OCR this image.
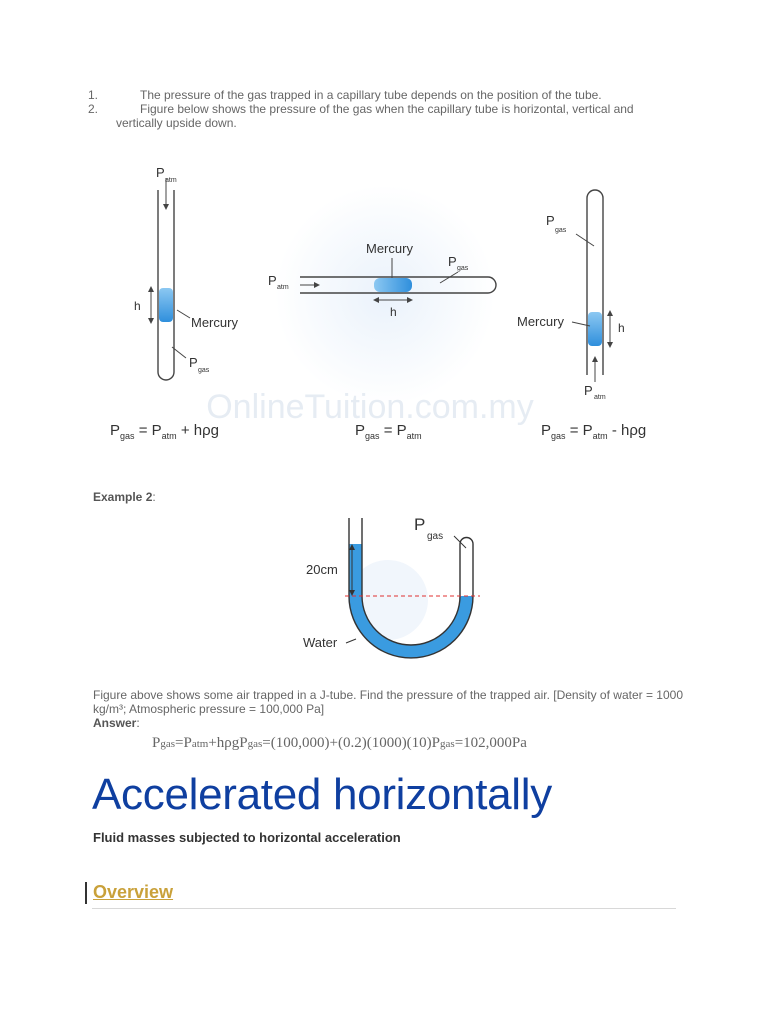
1.	The pressure of the gas trapped in a capillary tube depends on the position of the tube.
2.	Figure below shows the pressure of the gas when the capillary tube is horizontal, vertical and
vertically upside down.
OnlineTuition.com.my
P
atm
h
Mercury
P
gas
$P_{gas} = P_{atm} + h\rho g$
P atm
Mercury
P gas
h
$P_{gas} = P_{atm}$
P
gas
Mercury	h
P atm
$P_{gas} = P_{atm} - h\rho g$
Example 2:
20cm
P
gas
Water
Figure above shows some air trapped in a J-tube. Find the pressure of the trapped air. [Density of water = 1000 kg/m³; Atmospheric pressure = 100,000 Pa]
Answer:
Pgas=Patm+hρgPgas=(100,000)+(0.2)(1000)(10)Pgas=102,000Pa
Accelerated horizontally
Fluid masses subjected to horizontal acceleration
Overview
